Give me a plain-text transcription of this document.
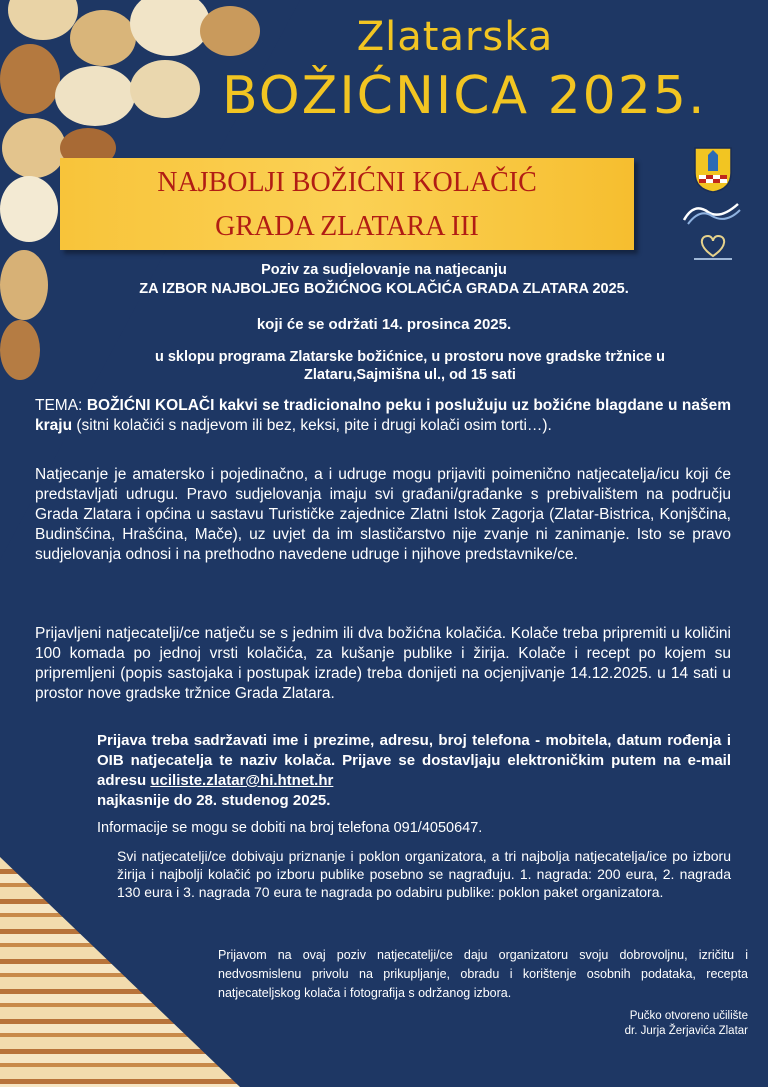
Zlatarska
BOŽIĆNICA 2025.
NAJBOLJI BOŽIĆNI KOLAČIĆ
GRADA ZLATARA III
Poziv za sudjelovanje na natjecanju
ZA IZBOR NAJBOLJEG BOŽIĆNOG KOLAČIĆA GRADA ZLATARA 2025.
koji će se održati 14. prosinca 2025.
u sklopu programa Zlatarske božićnice, u prostoru nove gradske tržnice u Zlataru,Sajmišna ul., od 15 sati
TEMA: BOŽIĆNI KOLAČI kakvi se tradicionalno peku i poslužuju uz božićne blagdane u našem kraju (sitni kolačići s nadjevom ili bez, keksi, pite i drugi kolači osim torti…).
Natjecanje je amatersko i pojedinačno, a i udruge mogu prijaviti poimenično natjecatelja/icu koji će predstavljati udrugu. Pravo sudjelovanja imaju svi građani/građanke s prebivalištem na području Grada Zlatara i općina u sastavu Turističke zajednice Zlatni Istok Zagorja (Zlatar-Bistrica, Konjščina, Budinšćina, Hrašćina, Mače), uz uvjet da im slastičarstvo nije zvanje ni zanimanje. Isto se pravo sudjelovanja odnosi i na prethodno navedene udruge i njihove predstavnike/ce.
Prijavljeni natjecatelji/ce natječu se s jednim ili dva božićna kolačića. Kolače treba pripremiti u količini 100 komada po jednoj vrsti kolačića, za kušanje publike i žirija. Kolače i recept po kojem su pripremljeni (popis sastojaka i postupak izrade) treba donijeti na ocjenjivanje 14.12.2025. u 14 sati u prostor nove gradske tržnice Grada Zlatara.
Prijava treba sadržavati ime i prezime, adresu, broj telefona - mobitela, datum rođenja i OIB natjecatelja te naziv kolača. Prijave se dostavljaju elektroničkim putem na e-mail adresu uciliste.zlatar@hi.htnet.hr
najkasnije do 28. studenog 2025.
Informacije se mogu se dobiti na broj telefona 091/4050647.
Svi natjecatelji/ce dobivaju priznanje i poklon organizatora, a tri najbolja natjecatelja/ice po izboru žirija i najbolji kolačić po izboru publike posebno se nagrađuju. 1. nagrada: 200 eura, 2. nagrada 130 eura i 3. nagrada 70 eura te nagrada po odabiru publike: poklon paket organizatora.
Prijavom na ovaj poziv natjecatelji/ce daju organizatoru svoju dobrovoljnu, izričitu i nedvosmislenu privolu na prikupljanje, obradu i korištenje osobnih podataka, recepta natjecateljskog kolača i fotografija s održanog izbora.
Pučko otvoreno učilište
dr. Jurja Žerjavića Zlatar
